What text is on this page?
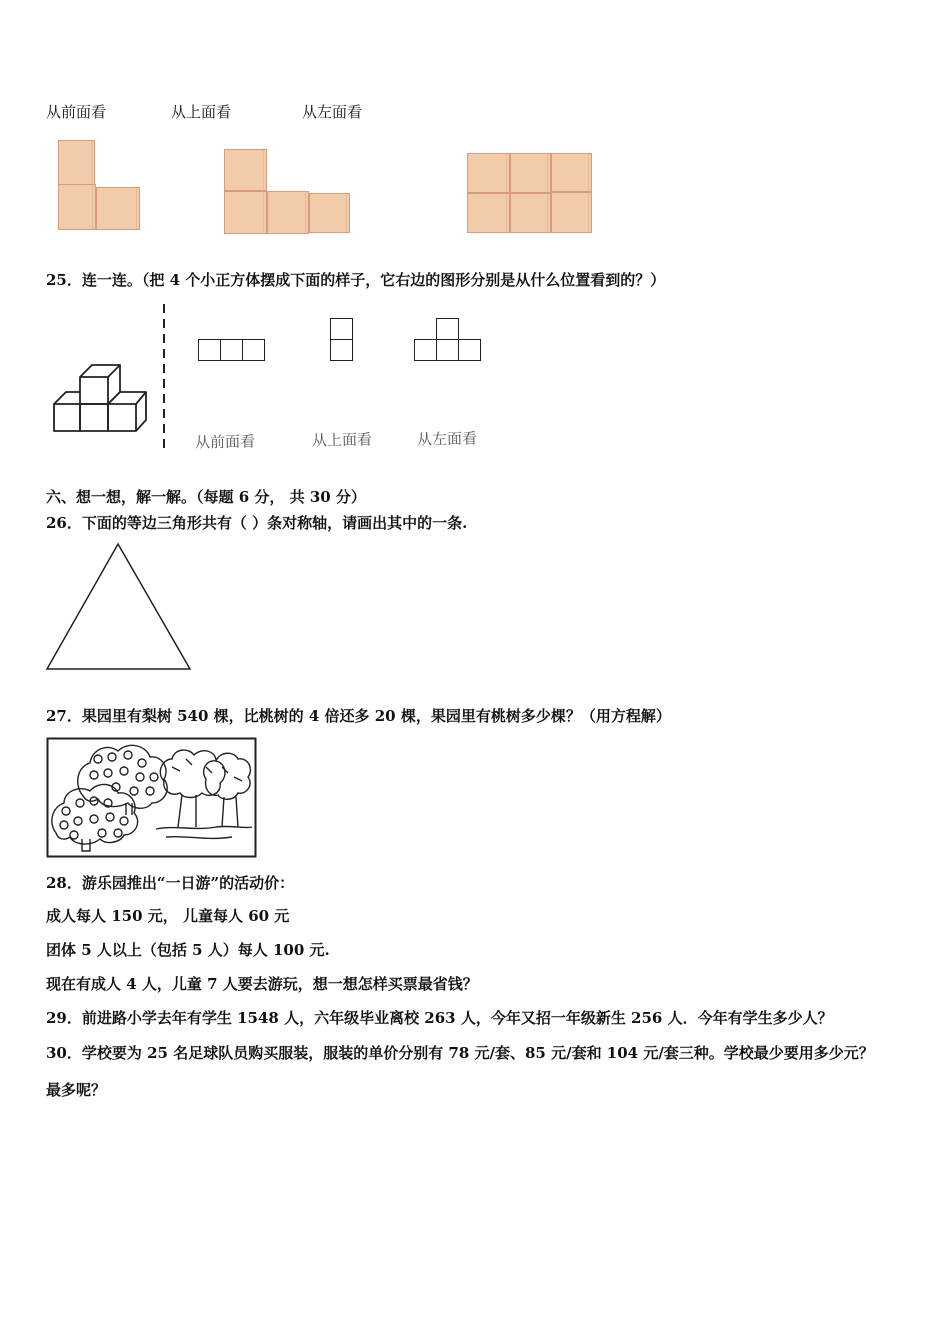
从前面看	从上面看	从左面看
25．连一连。（把 4 个小正方体摆成下面的样子，它右边的图形分别是从什么位置看到的？）
从前面看	从上面看	从左面看
六、想一想，解一解。（每题 6 分， 共 30 分）
26．下面的等边三角形共有（ ）条对称轴，请画出其中的一条.
27．果园里有梨树 540 棵，比桃树的 4 倍还多 20 棵，果园里有桃树多少棵？（用方程解）
28．游乐园推出“一日游”的活动价：
成人每人 150 元， 儿童每人 60 元
团体 5 人以上（包括 5 人）每人 100 元.
现在有成人 4 人，儿童 7 人要去游玩，想一想怎样买票最省钱？
29．前进路小学去年有学生 1548 人，六年级毕业离校 263 人，今年又招一年级新生 256 人．今年有学生多少人？
30．学校要为 25 名足球队员购买服装，服装的单价分别有 78 元/套、85 元/套和 104 元/套三种。学校最少要用多少元？
最多呢？
